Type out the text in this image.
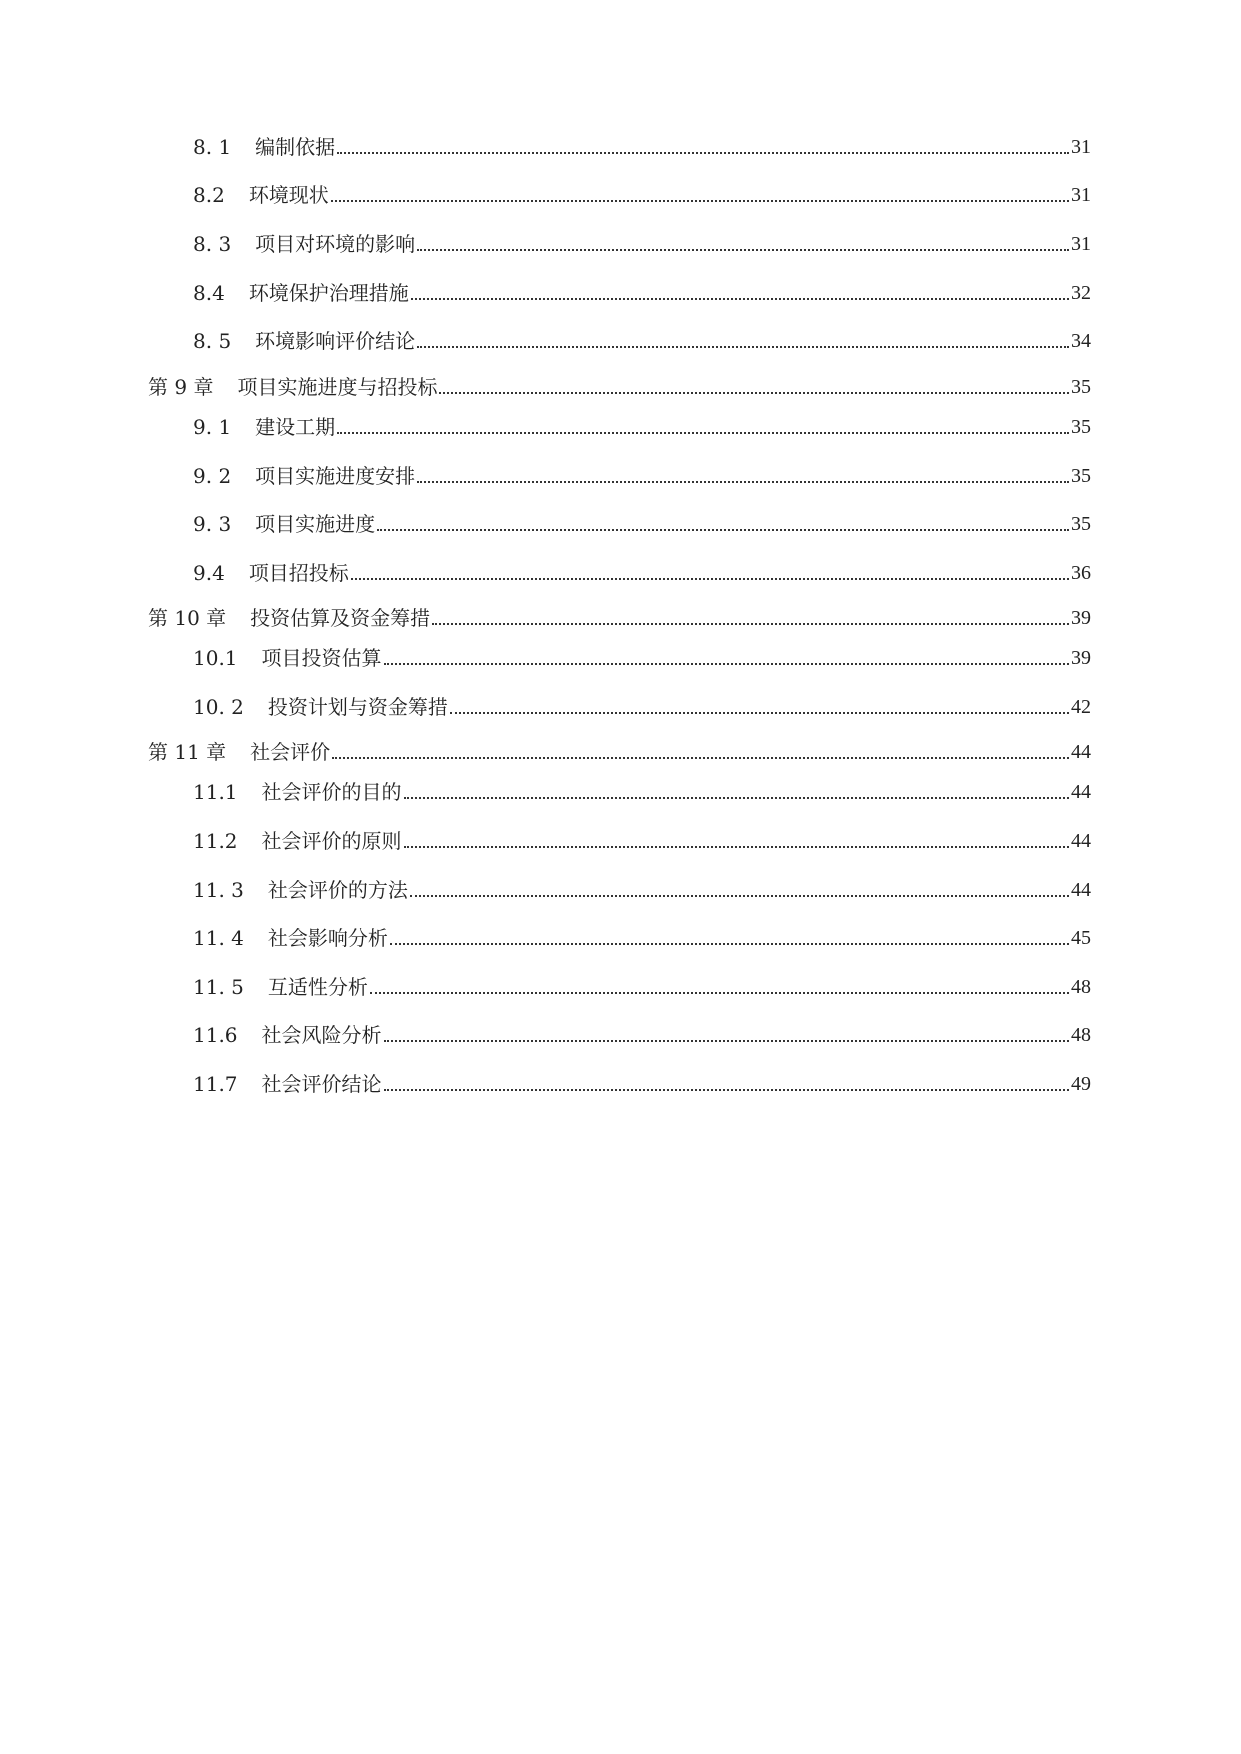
8. 1 编制依据	31
8.2 环境现状	31
8. 3 项目对环境的影响	31
8.4 环境保护治理措施	32
8. 5 环境影响评价结论	34
第 9 章 项目实施进度与招投标	35
9. 1 建设工期	35
9. 2 项目实施进度安排	35
9. 3 项目实施进度	35
9.4 项目招投标	36
第 10 章 投资估算及资金筹措	39
10.1 项目投资估算	39
10. 2 投资计划与资金筹措	42
第 11 章 社会评价	44
11.1 社会评价的目的	44
11.2 社会评价的原则	44
11. 3 社会评价的方法	44
11. 4 社会影响分析	45
11. 5 互适性分析	48
11.6 社会风险分析	48
11.7 社会评价结论	49
